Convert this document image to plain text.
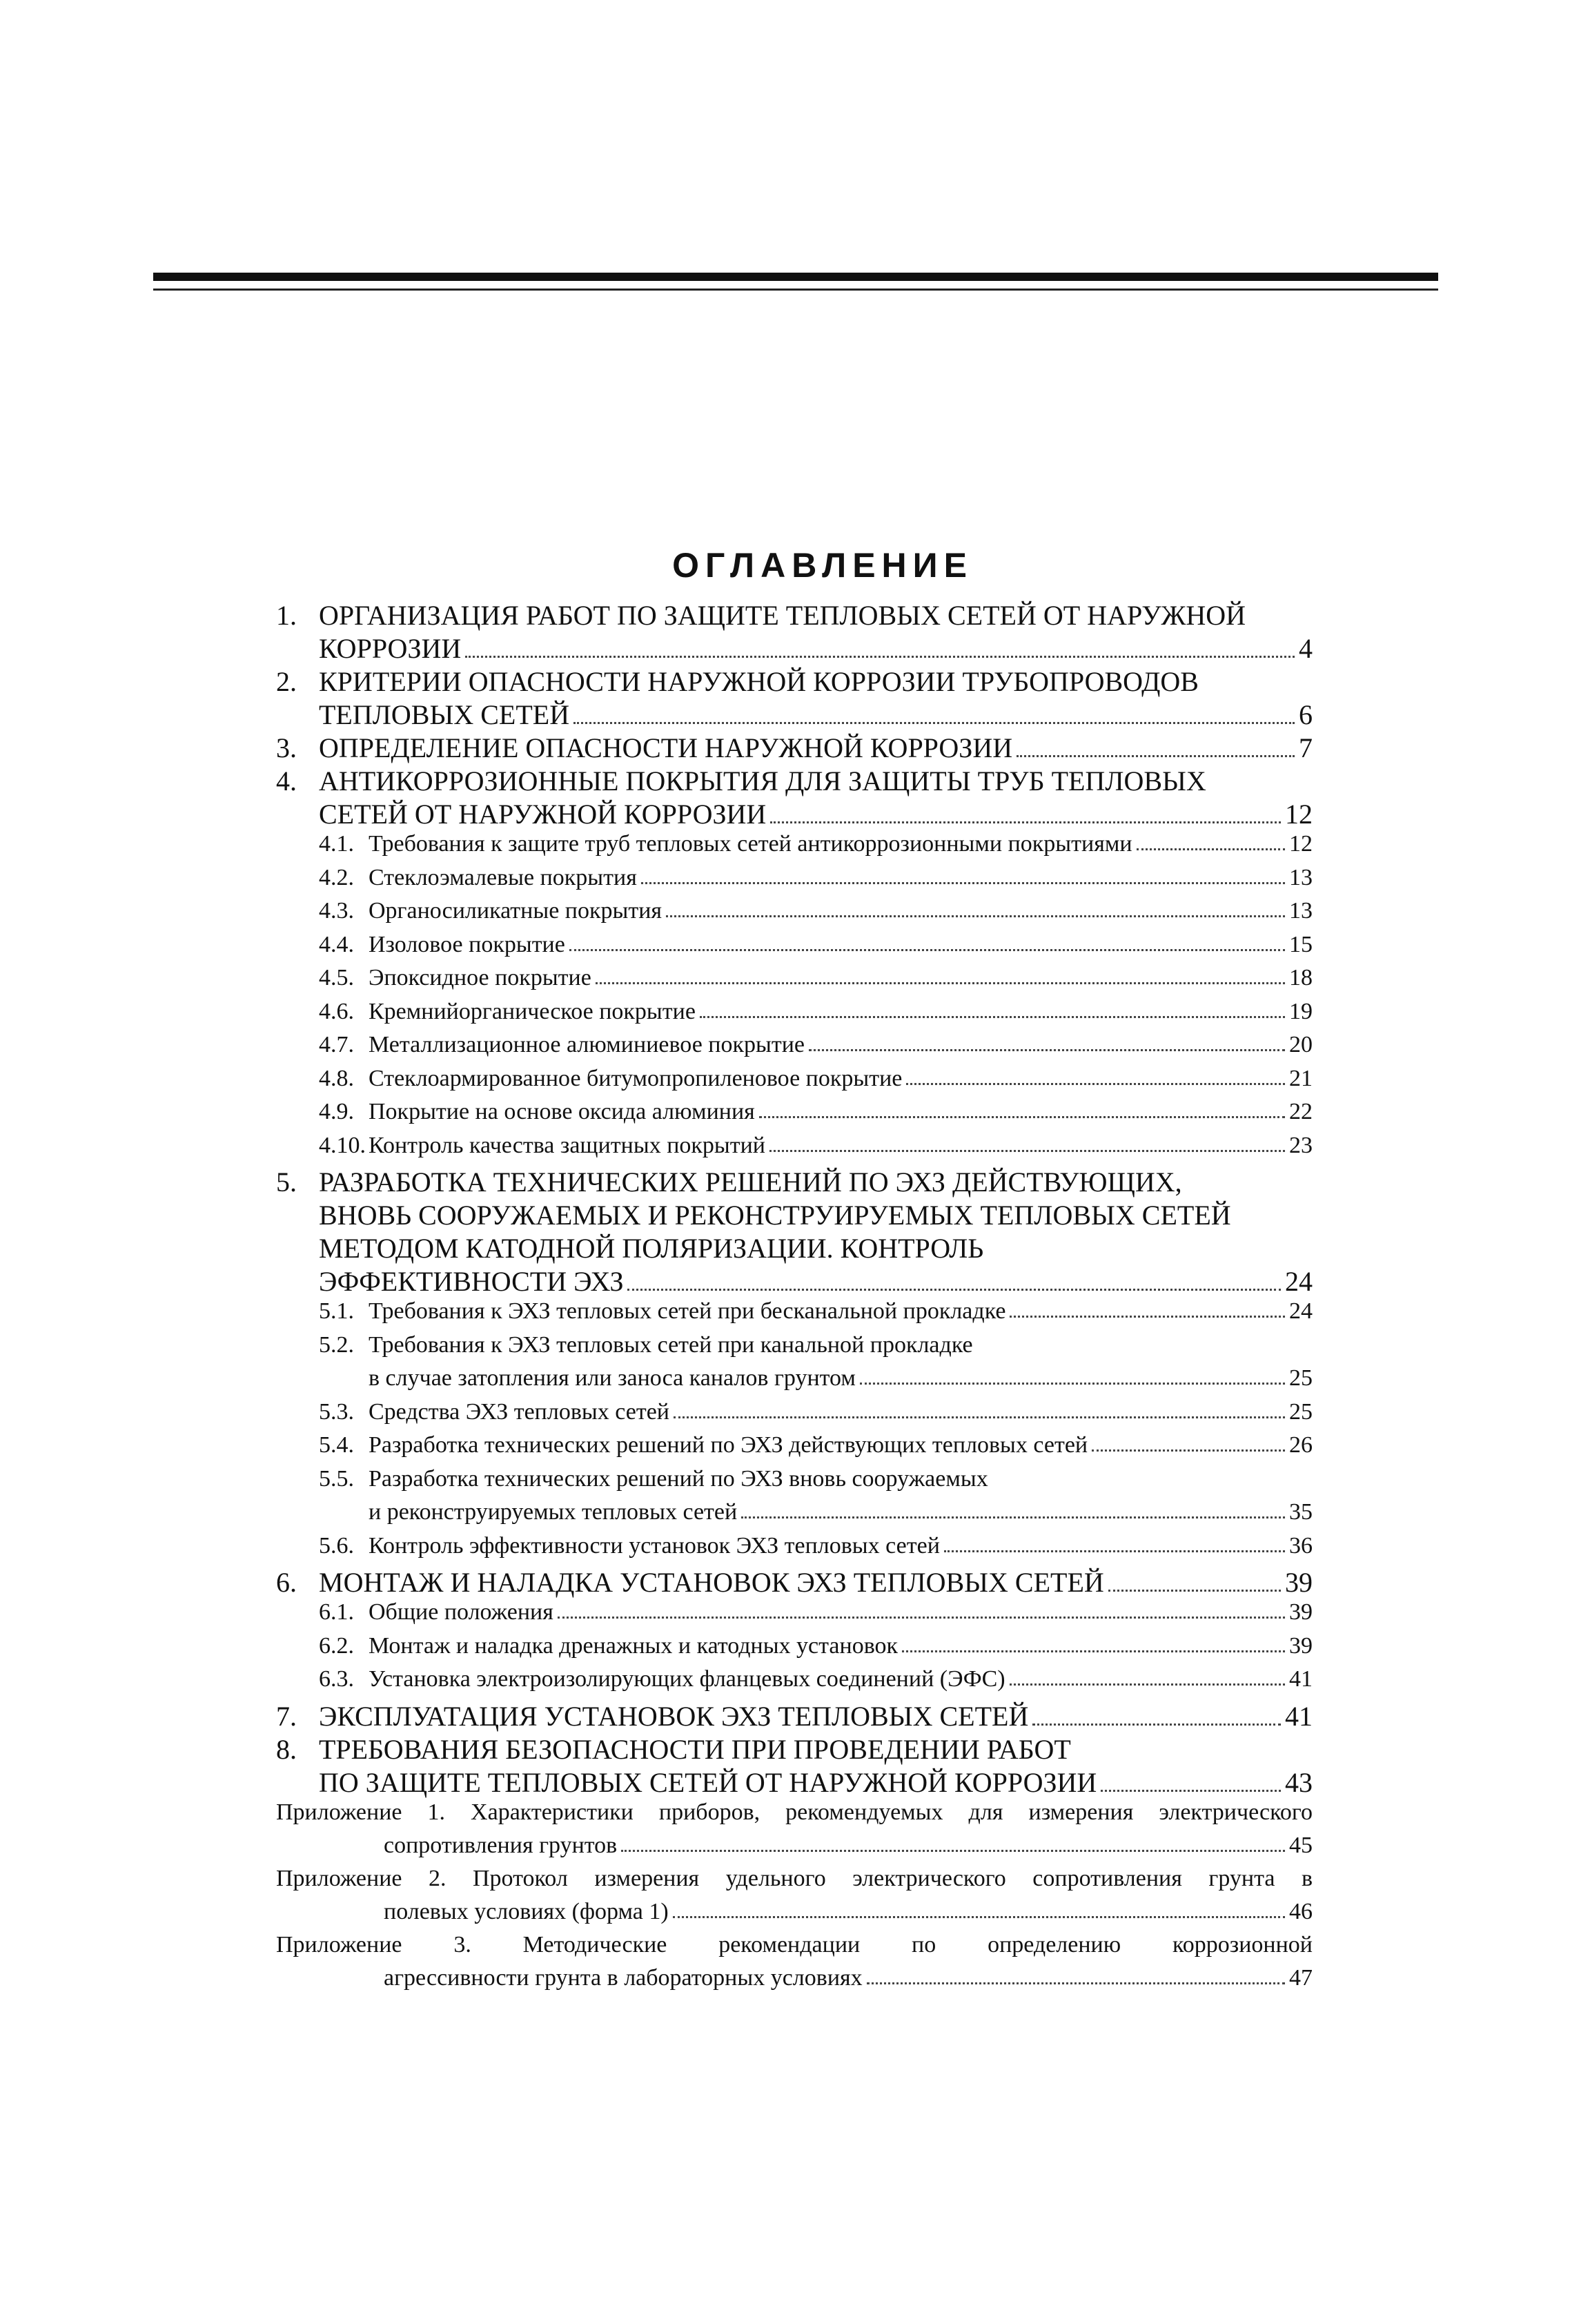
ОГЛАВЛЕНИЕ
1. ОРГАНИЗАЦИЯ РАБОТ ПО ЗАЩИТЕ ТЕПЛОВЫХ СЕТЕЙ ОТ НАРУЖНОЙ
КОРРОЗИИ	4
2. КРИТЕРИИ ОПАСНОСТИ НАРУЖНОЙ КОРРОЗИИ ТРУБОПРОВОДОВ
ТЕПЛОВЫХ СЕТЕЙ	6
3. ОПРЕДЕЛЕНИЕ ОПАСНОСТИ НАРУЖНОЙ КОРРОЗИИ	7
4. АНТИКОРРОЗИОННЫЕ ПОКРЫТИЯ ДЛЯ ЗАЩИТЫ ТРУБ ТЕПЛОВЫХ
СЕТЕЙ ОТ НАРУЖНОЙ КОРРОЗИИ	12
4.1. Требования к защите труб тепловых сетей антикоррозионными покрытиями	12
4.2. Стеклоэмалевые покрытия	13
4.3. Органосиликатные покрытия	13
4.4. Изоловое покрытие	15
4.5. Эпоксидное покрытие	18
4.6. Кремнийорганическое покрытие	19
4.7. Металлизационное алюминиевое покрытие	20
4.8. Стеклоармированное битумопропиленовое покрытие	21
4.9. Покрытие на основе оксида алюминия	22
4.10. Контроль качества защитных покрытий	23
5. РАЗРАБОТКА ТЕХНИЧЕСКИХ РЕШЕНИЙ ПО ЭХЗ ДЕЙСТВУЮЩИХ,
ВНОВЬ СООРУЖАЕМЫХ И РЕКОНСТРУИРУЕМЫХ ТЕПЛОВЫХ СЕТЕЙ
МЕТОДОМ КАТОДНОЙ ПОЛЯРИЗАЦИИ. КОНТРОЛЬ
ЭФФЕКТИВНОСТИ ЭХЗ	24
5.1. Требования к ЭХЗ тепловых сетей при бесканальной прокладке	24
5.2. Требования к ЭХЗ тепловых сетей при канальной прокладке
в случае затопления или заноса каналов грунтом	25
5.3. Средства ЭХЗ тепловых сетей	25
5.4. Разработка технических решений по ЭХЗ действующих тепловых сетей	26
5.5. Разработка технических решений по ЭХЗ вновь сооружаемых
и реконструируемых тепловых сетей	35
5.6. Контроль эффективности установок ЭХЗ тепловых сетей	36
6. МОНТАЖ И НАЛАДКА УСТАНОВОК ЭХЗ ТЕПЛОВЫХ СЕТЕЙ	39
6.1. Общие положения	39
6.2. Монтаж и наладка дренажных и катодных установок	39
6.3. Установка электроизолирующих фланцевых соединений (ЭФС)	41
7. ЭКСПЛУАТАЦИЯ УСТАНОВОК ЭХЗ ТЕПЛОВЫХ СЕТЕЙ	41
8. ТРЕБОВАНИЯ БЕЗОПАСНОСТИ ПРИ ПРОВЕДЕНИИ РАБОТ
ПО ЗАЩИТЕ ТЕПЛОВЫХ СЕТЕЙ ОТ НАРУЖНОЙ КОРРОЗИИ	43
Приложение 1. Характеристики приборов, рекомендуемых для измерения электрического
сопротивления грунтов	45
Приложение 2. Протокол измерения удельного электрического сопротивления грунта в
полевых условиях (форма 1)	46
Приложение 3. Методические рекомендации по определению коррозионной
агрессивности грунта в лабораторных условиях	47
